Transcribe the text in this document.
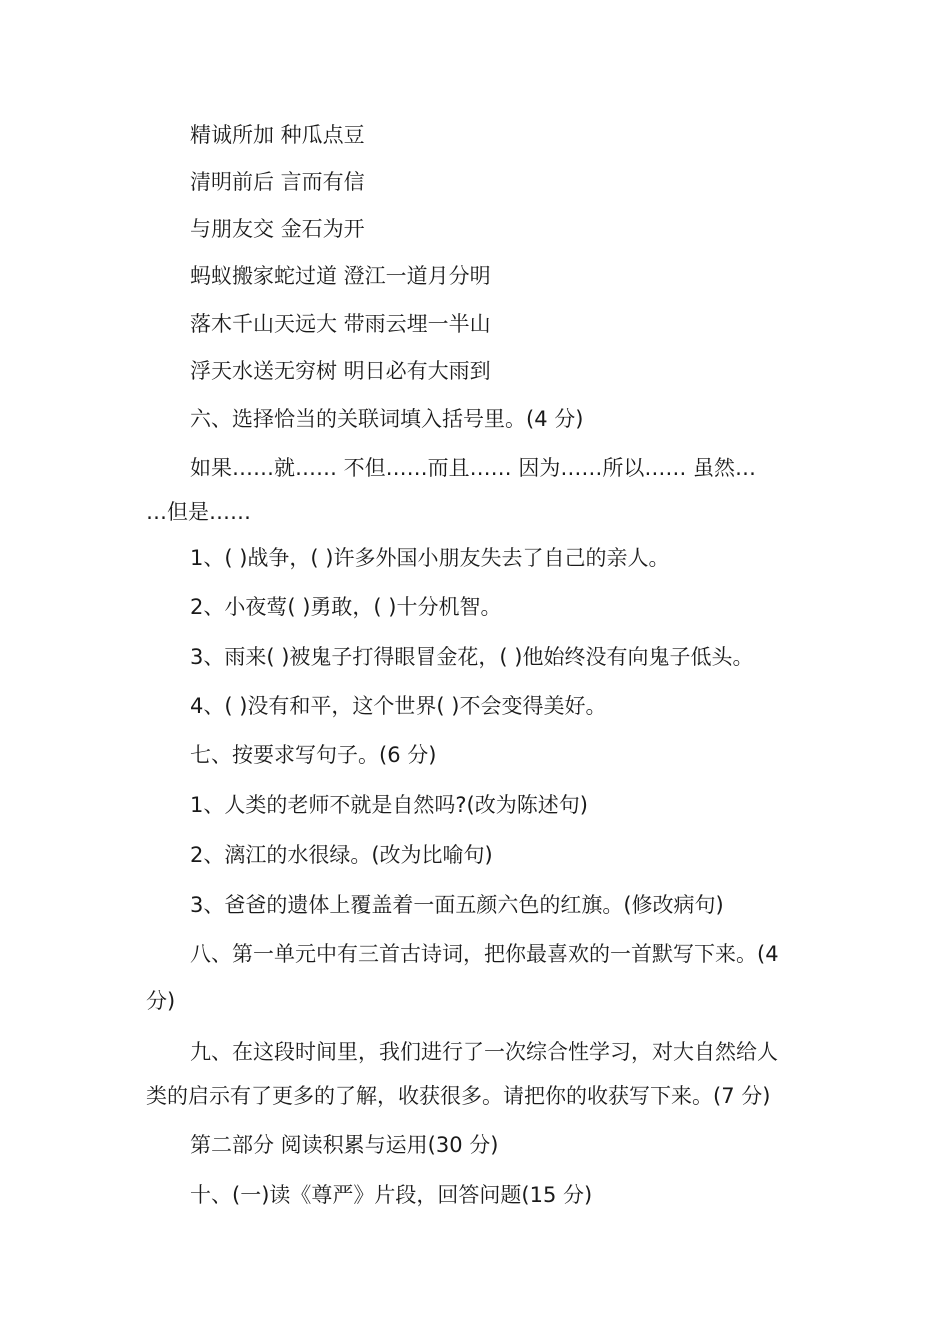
精诚所加 种瓜点豆
清明前后 言而有信
与朋友交 金石为开
蚂蚁搬家蛇过道 澄江一道月分明
落木千山天远大 带雨云埋一半山
浮天水送无穷树 明日必有大雨到
六、选择恰当的关联词填入括号里。(4 分)
如果……就…… 不但……而且…… 因为……所以…… 虽然…
…但是……
1、( )战争，( )许多外国小朋友失去了自己的亲人。
2、小夜莺( )勇敢，( )十分机智。
3、雨来( )被鬼子打得眼冒金花，( )他始终没有向鬼子低头。
4、( )没有和平，这个世界( )不会变得美好。
七、按要求写句子。(6 分)
1、人类的老师不就是自然吗?(改为陈述句)
2、漓江的水很绿。(改为比喻句)
3、爸爸的遗体上覆盖着一面五颜六色的红旗。(修改病句)
八、第一单元中有三首古诗词，把你最喜欢的一首默写下来。(4
分)
九、在这段时间里，我们进行了一次综合性学习，对大自然给人
类的启示有了更多的了解，收获很多。请把你的收获写下来。(7 分)
第二部分 阅读积累与运用(30 分)
十、(一)读《尊严》片段，回答问题(15 分)
